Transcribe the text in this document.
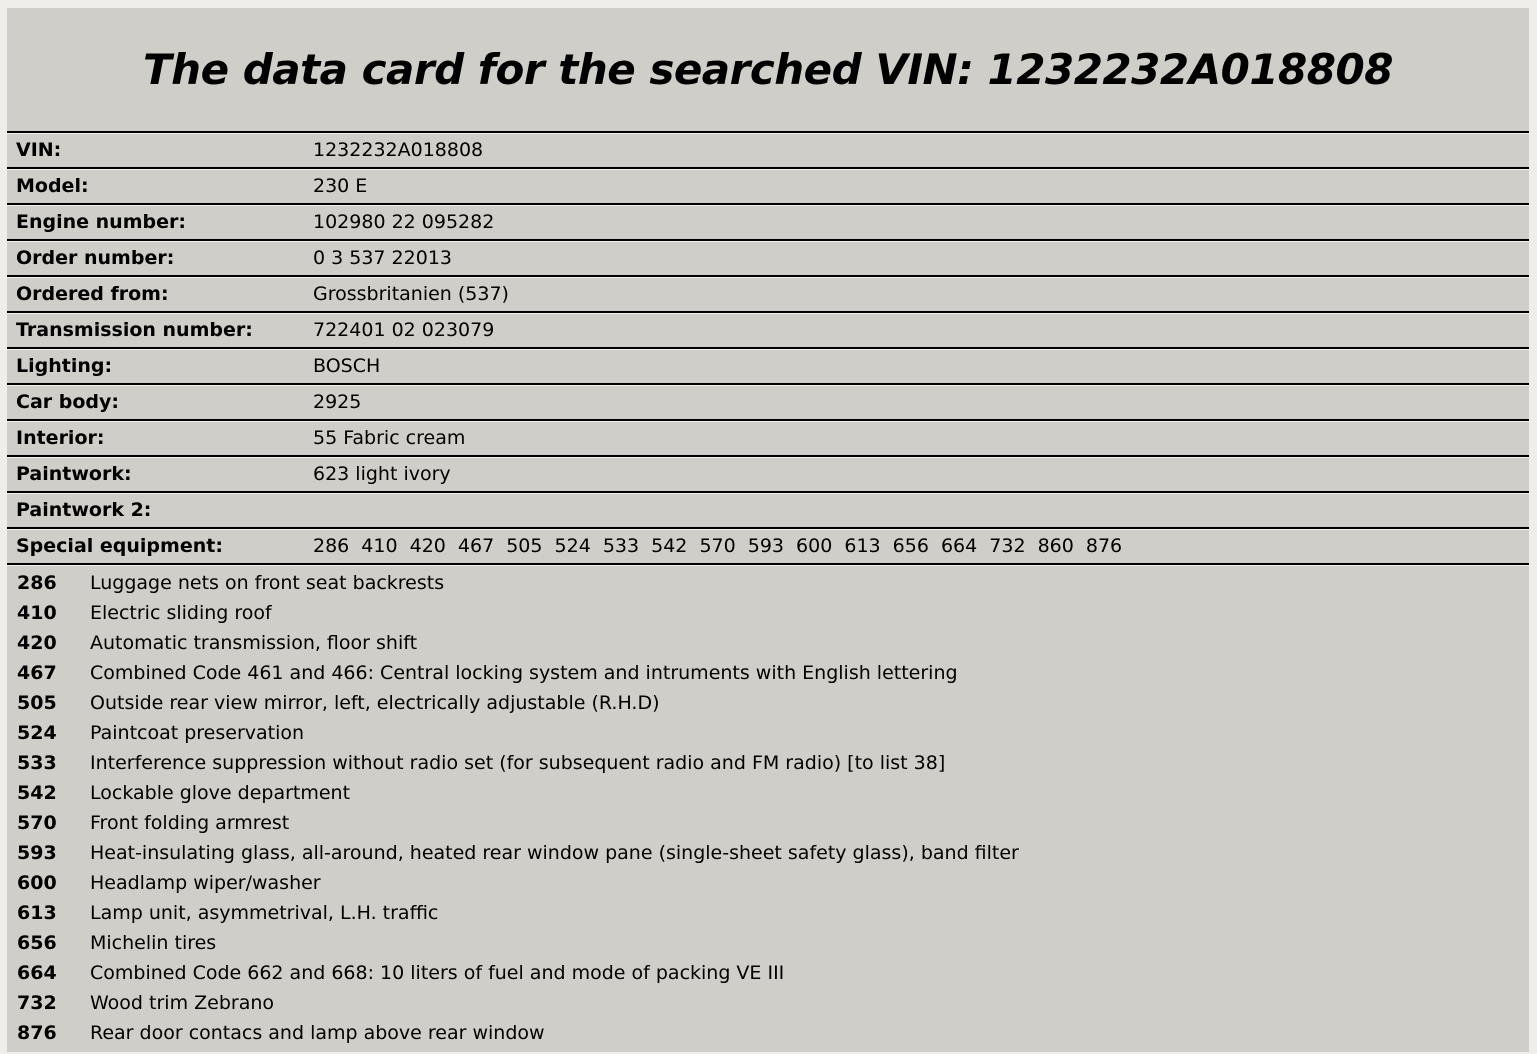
The data card for the searched VIN: 1232232A018808
VIN:	1232232A018808
Model:	230 E
Engine number:	102980 22 095282
Order number:	0 3 537 22013
Ordered from:	Grossbritanien (537)
Transmission number:	722401 02 023079
Lighting:	BOSCH
Car body:	2925
Interior:	55 Fabric cream
Paintwork:	623 light ivory
Paintwork 2:
Special equipment:	286 410 420 467 505 524 533 542 570 593 600 613 656 664 732 860 876
286	Luggage nets on front seat backrests
410	Electric sliding roof
420	Automatic transmission, floor shift
467	Combined Code 461 and 466: Central locking system and intruments with English lettering
505	Outside rear view mirror, left, electrically adjustable (R.H.D)
524	Paintcoat preservation
533	Interference suppression without radio set (for subsequent radio and FM radio) [to list 38]
542	Lockable glove department
570	Front folding armrest
593	Heat-insulating glass, all-around, heated rear window pane (single-sheet safety glass), band filter
600	Headlamp wiper/washer
613	Lamp unit, asymmetrival, L.H. traffic
656	Michelin tires
664	Combined Code 662 and 668: 10 liters of fuel and mode of packing VE III
732	Wood trim Zebrano
876	Rear door contacs and lamp above rear window
